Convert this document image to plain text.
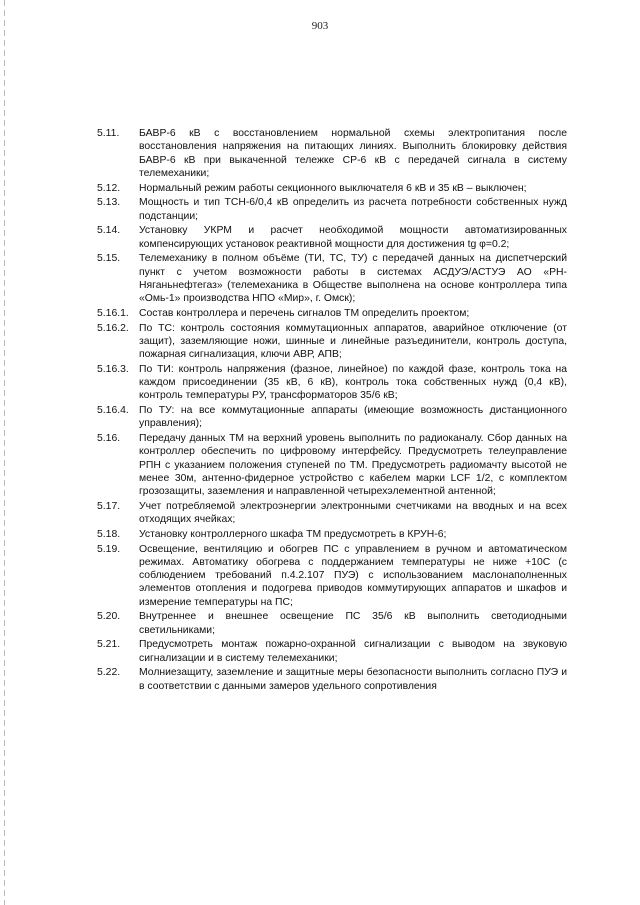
903
5.11.	БАВР-6 кВ с восстановлением нормальной схемы электропитания после восстановления напряжения на питающих линиях. Выполнить блокировку действия БАВР-6 кВ при выкаченной тележке СР-6 кВ с передачей сигнала в систему телемеханики;

5.12.	Нормальный режим работы секционного выключателя 6 кВ и 35 кВ – выключен;

5.13.	Мощность и тип ТСН-6/0,4 кВ определить из расчета потребности собственных нужд подстанции;

5.14.	Установку УКРМ и расчет необходимой мощности автоматизированных компенсирующих установок реактивной мощности для достижения tg φ=0.2;

5.15.	Телемеханику в полном объёме (ТИ, ТС, ТУ) с передачей данных на диспетчерский пункт с учетом возможности работы в системах АСДУЭ/АСТУЭ АО «РН-Няганьнефтегаз» (телемеханика в Обществе выполнена на основе контроллера типа «Омь-1» производства НПО «Мир», г. Омск);

5.16.1. Состав контроллера и перечень сигналов ТМ определить проектом;

5.16.2. По ТС: контроль состояния коммутационных аппаратов, аварийное отключение (от защит), заземляющие ножи, шинные и линейные разъединители, контроль доступа, пожарная сигнализация, ключи АВР, АПВ;

5.16.3. По ТИ: контроль напряжения (фазное, линейное) по каждой фазе, контроль тока на каждом присоединении (35 кВ, 6 кВ), контроль тока собственных нужд (0,4 кВ), контроль температуры РУ, трансформаторов 35/6 кВ;

5.16.4. По ТУ: на все коммутационные аппараты (имеющие возможность дистанционного управления);

5.16.	Передачу данных ТМ на верхний уровень выполнить по радиоканалу. Сбор данных на контроллер обеспечить по цифровому интерфейсу. Предусмотреть телеуправление РПН с указанием положения ступеней по ТМ. Предусмотреть радиомачту высотой не менее 30м, антенно-фидерное устройство с кабелем марки LCF 1/2, с комплектом грозозащиты, заземления и направленной четырехэлементной антенной;

5.17.	Учет потребляемой электроэнергии электронными счетчиками на вводных и на всех отходящих ячейках;

5.18.	Установку контроллерного шкафа ТМ предусмотреть в КРУН-6;

5.19.	Освещение, вентиляцию и обогрев ПС с управлением в ручном и автоматическом режимах. Автоматику обогрева с поддержанием температуры не ниже +10С (с соблюдением требований п.4.2.107 ПУЭ) с использованием маслонаполненных элементов отопления и подогрева приводов коммутирующих аппаратов и шкафов и измерение температуры на ПС;

5.20.	Внутреннее и внешнее освещение ПС 35/6 кВ выполнить светодиодными светильниками;

5.21.	Предусмотреть монтаж пожарно-охранной сигнализации с выводом на звуковую сигнализации и в систему телемеханики;

5.22.	Молниезащиту, заземление и защитные меры безопасности выполнить согласно ПУЭ и в соответствии с данными замеров удельного сопротивления
